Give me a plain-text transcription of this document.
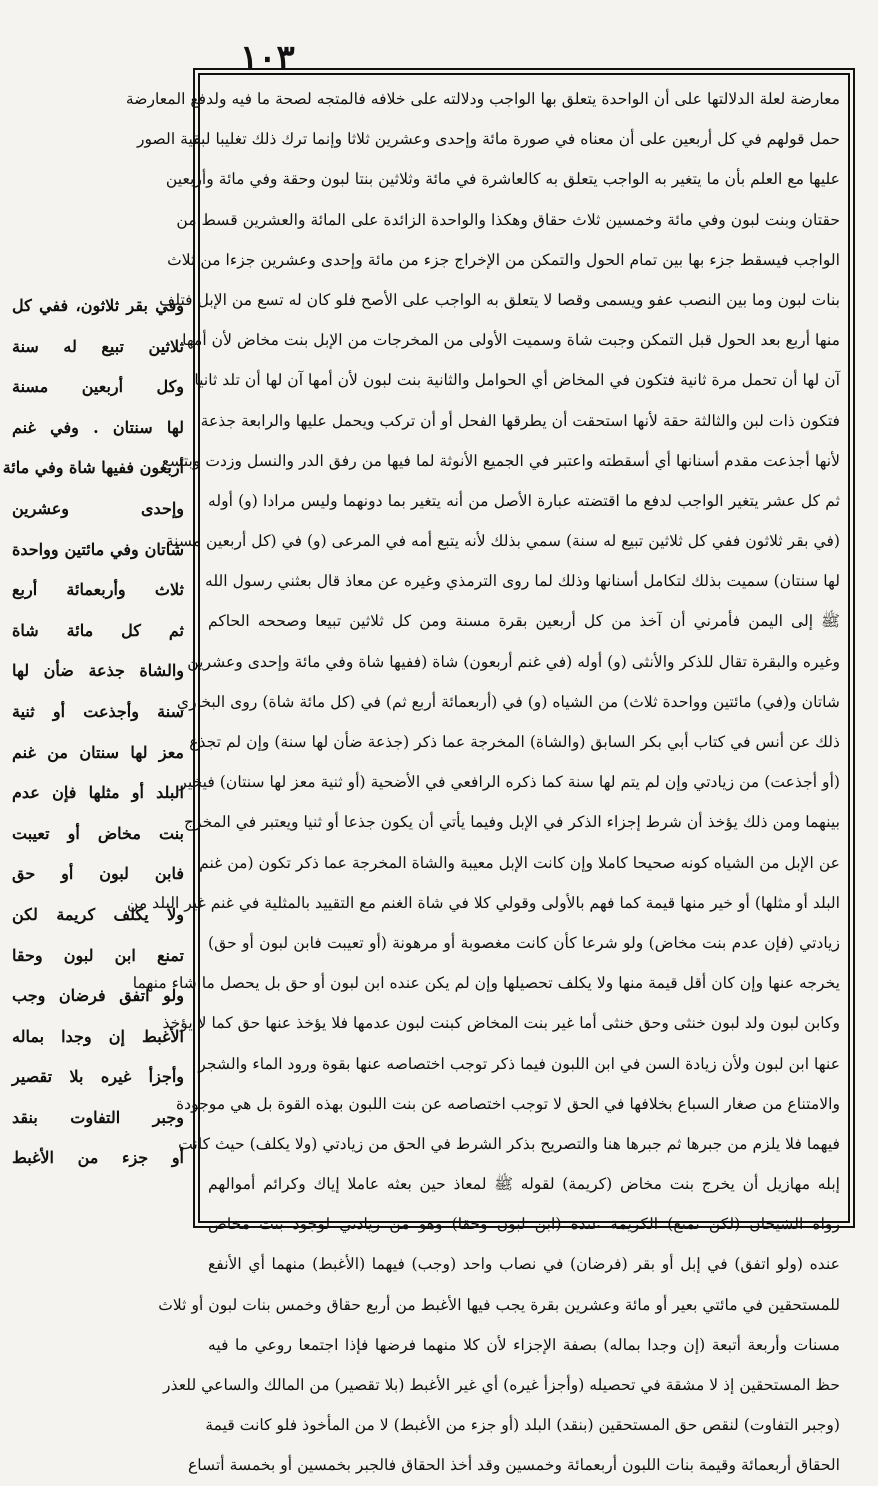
١٠٣
معارضة لعلة الدلالتها على أن الواحدة يتعلق بها الواجب ودلالته على خلافه فالمتجه لصحة ما فيه ولدفع المعارضة
حمل قولهم في كل أربعين على أن معناه في صورة مائة وإحدى وعشرين ثلاثا وإنما ترك ذلك تغليبا لبقية الصور
عليها مع العلم بأن ما يتغير به الواجب يتعلق به كالعاشرة في مائة وثلاثين بنتا لبون وحقة وفي مائة وأربعين
حقتان وبنت لبون وفي مائة وخمسين ثلاث حقاق وهكذا والواحدة الزائدة على المائة والعشرين قسط من
الواجب فيسقط جزء بها بين تمام الحول والتمكن من الإخراج جزء من مائة وإحدى وعشرين جزءا من ثلاث
بنات لبون وما بين النصب عفو ويسمى وقصا لا يتعلق به الواجب على الأصح فلو كان له تسع من الإبل فتلف
منها أربع بعد الحول قبل التمكن وجبت شاة وسميت الأولى من المخرجات من الإبل بنت مخاض لأن أمها
آن لها أن تحمل مرة ثانية فتكون في المخاض أي الحوامل والثانية بنت لبون لأن أمها آن لها أن تلد ثانيا
فتكون ذات لبن والثالثة حقة لأنها استحقت أن يطرقها الفحل أو أن تركب ويحمل عليها والرابعة جذعة
لأنها أجذعت مقدم أسنانها أي أسقطته واعتبر في الجميع الأنوثة لما فيها من رفق الدر والنسل وزدت وبتسع
ثم كل عشر يتغير الواجب لدفع ما اقتضته عبارة الأصل من أنه يتغير بما دونهما وليس مرادا (و) أوله
(في بقر ثلاثون ففي كل ثلاثين تبيع له سنة) سمي بذلك لأنه يتبع أمه في المرعى (و) في (كل أربعين مسنة
لها سنتان) سميت بذلك لتكامل أسنانها وذلك لما روى الترمذي وغيره عن معاذ قال بعثني رسول الله
ﷺ إلى اليمن فأمرني أن آخذ من كل أربعين بقرة مسنة ومن كل ثلاثين تبيعا وصححه الحاكم
وغيره والبقرة تقال للذكر والأنثى (و) أوله (في غنم أربعون) شاة (ففيها شاة وفي مائة وإحدى وعشرين
شاتان و(في) مائتين وواحدة ثلاث) من الشياه (و) في (أربعمائة أربع ثم) في (كل مائة شاة) روى البخاري
ذلك عن أنس في كتاب أبي بكر السابق (والشاة) المخرجة عما ذكر (جذعة ضأن لها سنة) وإن لم تجذع
(أو أجذعت) من زيادتي وإن لم يتم لها سنة كما ذكره الرافعي في الأضحية (أو ثنية معز لها سنتان) فيخير
بينهما ومن ذلك يؤخذ أن شرط إجزاء الذكر في الإبل وفيما يأتي أن يكون جذعا أو ثنيا ويعتبر في المخرج
عن الإبل من الشياه كونه صحيحا كاملا وإن كانت الإبل معيبة والشاة المخرجة عما ذكر تكون (من غنم
البلد أو مثلها) أو خير منها قيمة كما فهم بالأولى وقولي كلا في شاة الغنم مع التقييد بالمثلية في غنم غير البلد من
زيادتي (فإن عدم بنت مخاض) ولو شرعا كأن كانت مغصوبة أو مرهونة (أو تعيبت فابن لبون أو حق)
يخرجه عنها وإن كان أقل قيمة منها ولا يكلف تحصيلها وإن لم يكن عنده ابن لبون أو حق بل يحصل ما شاء منهما
وكابن لبون ولد لبون خنثى وحق خنثى أما غير بنت المخاض كبنت لبون عدمها فلا يؤخذ عنها حق كما لا يؤخذ
عنها ابن لبون ولأن زيادة السن في ابن اللبون فيما ذكر توجب اختصاصه عنها بقوة ورود الماء والشجر
والامتناع من صغار السباع بخلافها في الحق لا توجب اختصاصه عن بنت اللبون بهذه القوة بل هي موجودة
فيهما فلا يلزم من جبرها ثم جبرها هنا والتصريح بذكر الشرط في الحق من زيادتي (ولا يكلف) حيث كانت
إبله مهازيل أن يخرج بنت مخاض (كريمة) لقوله ﷺ لمعاذ حين بعثه عاملا إياك وكرائم أموالهم
رواه الشيخان (لكن تمنع) الكريمة عنده (ابن لبون وحقا) وهو من زيادتي لوجود بنت مخاض
عنده (ولو اتفق) في إبل أو بقر (فرضان) في نصاب واحد (وجب) فيهما (الأغبط) منهما أي الأنفع
للمستحقين في مائتي بعير أو مائة وعشرين بقرة يجب فيها الأغبط من أربع حقاق وخمس بنات لبون أو ثلاث
مسنات وأربعة أتبعة (إن وجدا بماله) بصفة الإجزاء لأن كلا منهما فرضها فإذا اجتمعا روعي ما فيه
حظ المستحقين إذ لا مشقة في تحصيله (وأجزأ غيره) أي غير الأغبط (بلا تقصير) من المالك والساعي للعذر
(وجبر التفاوت) لنقص حق المستحقين (بنقد) البلد (أو جزء من الأغبط) لا من المأخوذ فلو كانت قيمة
الحقاق أربعمائة وقيمة بنات اللبون أربعمائة وخمسين وقد أخذ الحقاق فالجبر بخمسين أو بخمسة أتساع
وفي بقر ثلاثون، ففي كل
ثلاثين تبيع له سنة
وكل أربعين مسنة
لها سنتان . وفي غنم
أربعون ففيها شاة وفي مائة
وإحدى وعشرين
شاتان وفي مائتين وواحدة
ثلاث وأربعمائة أربع
ثم كل مائة شاة
والشاة جذعة ضأن لها
سنة وأجذعت أو ثنية
معز لها سنتان من غنم
البلد أو مثلها فإن عدم
بنت مخاض أو تعيبت
فابن لبون أو حق
ولا يكلف كريمة لكن
تمنع ابن لبون وحقا
ولو اتفق فرضان وجب
الأغبط إن وجدا بماله
وأجزأ غيره بلا تقصير
وجبر التفاوت بنقد
أو جزء من الأغبط
